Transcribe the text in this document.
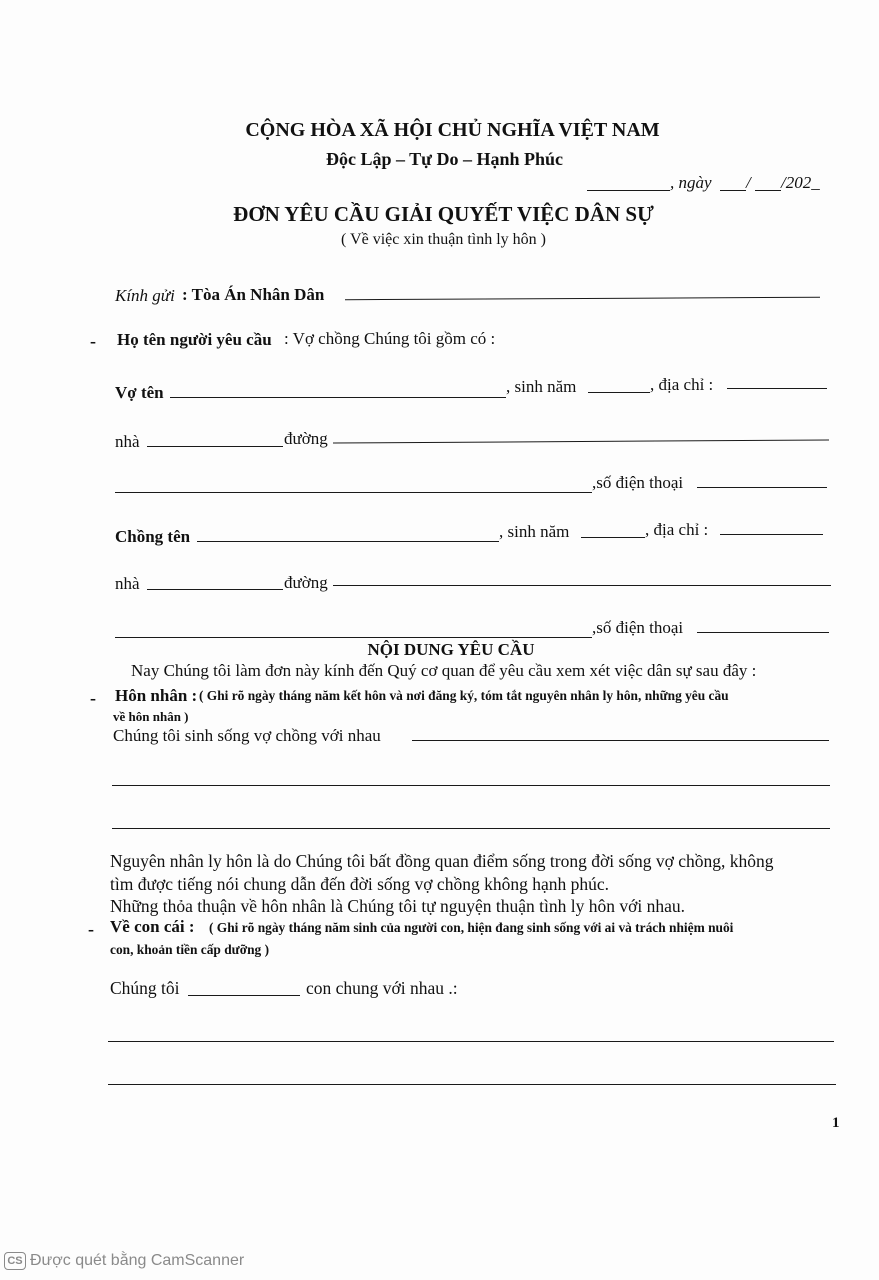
CỘNG HÒA XÃ HỘI CHỦ NGHĨA VIỆT NAM
Độc Lập – Tự Do – Hạnh Phúc
, ngày / /202_
ĐƠN YÊU CẦU GIẢI QUYẾT VIỆC DÂN SỰ
( Về việc xin thuận tình ly hôn )
Kính gửi : Tòa Án Nhân Dân
- Họ tên người yêu cầu : Vợ chồng Chúng tôi gồm có :
Vợ tên	, sinh năm	, địa chỉ :
nhà	đường
,số điện thoại
Chồng tên	, sinh năm	, địa chỉ :
nhà	đường
,số điện thoại
NỘI DUNG YÊU CẦU
Nay Chúng tôi làm đơn này kính đến Quý cơ quan để yêu cầu xem xét việc dân sự sau đây :
- Hôn nhân : ( Ghi rõ ngày tháng năm kết hôn và nơi đăng ký, tóm tắt nguyên nhân ly hôn, những yêu cầu
về hôn nhân )
Chúng tôi sinh sống vợ chồng với nhau
Nguyên nhân ly hôn là do Chúng tôi bất đồng quan điểm sống trong đời sống vợ chồng, không
tìm được tiếng nói chung dẫn đến đời sống vợ chồng không hạnh phúc.
Những thỏa thuận về hôn nhân là Chúng tôi tự nguyện thuận tình ly hôn với nhau.
- Về con cái : ( Ghi rõ ngày tháng năm sinh của người con, hiện đang sinh sống với ai và trách nhiệm nuôi
con, khoản tiền cấp dưỡng )
Chúng tôi	con chung với nhau .:
1
CS Được quét bằng CamScanner
